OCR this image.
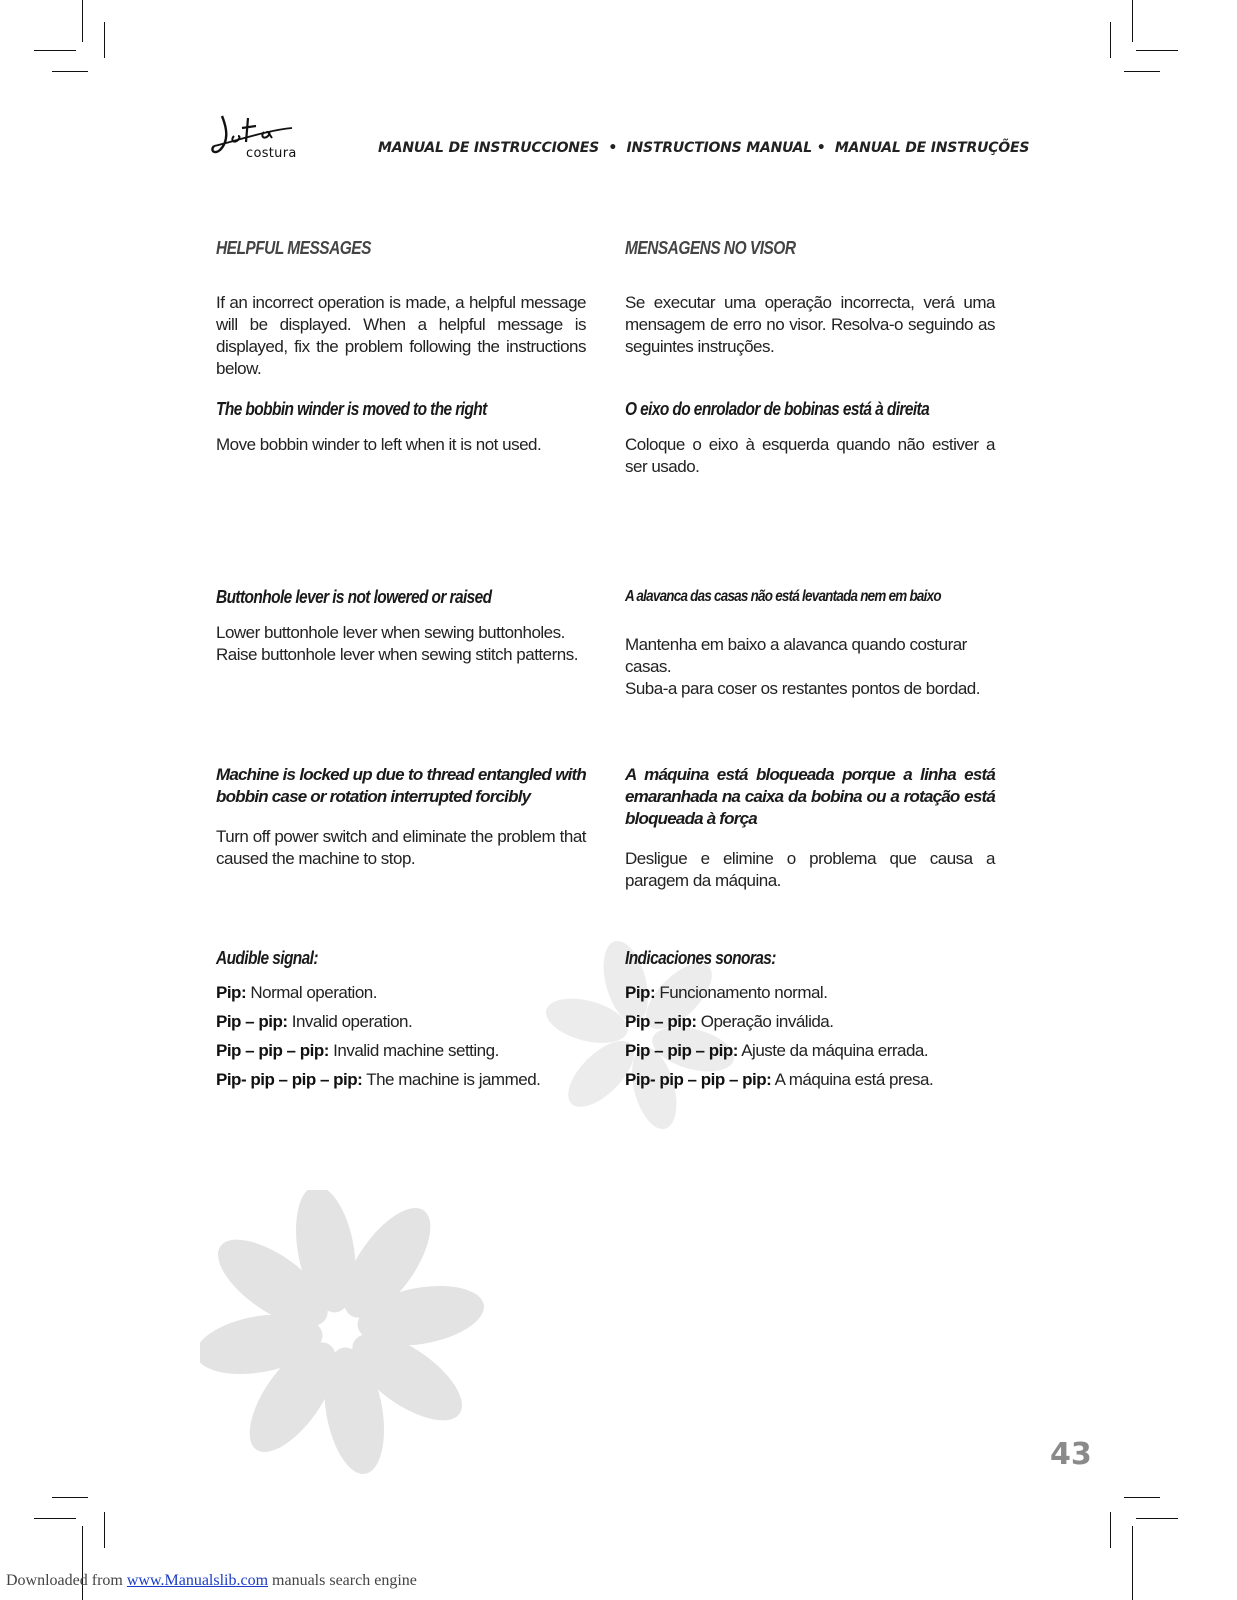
costura	MANUAL DE INSTRUCCIONES • INSTRUCTIONS MANUAL • MANUAL DE INSTRUÇÕES
HELPFUL MESSAGES
If an incorrect operation is made, a helpful message will be displayed. When a helpful message is displayed, fix the problem following the instructions below.
The bobbin winder is moved to the right
Move bobbin winder to left when it is not used.
Buttonhole lever is not lowered or raised
Lower buttonhole lever when sewing buttonholes.
Raise buttonhole lever when sewing stitch patterns.
Machine is locked up due to thread entangled with bobbin case or rotation interrupted forcibly
Turn off power switch and eliminate the problem that caused the machine to stop.
Audible signal:
Pip: Normal operation.
Pip – pip: Invalid operation.
Pip – pip – pip: Invalid machine setting.
Pip- pip – pip – pip: The machine is jammed.
MENSAGENS NO VISOR
Se executar uma operação incorrecta, verá uma mensagem de erro no visor. Resolva-o seguindo as seguintes instruções.
O eixo do enrolador de bobinas está à direita
Coloque o eixo à esquerda quando não estiver a ser usado.
A alavanca das casas não está levantada nem em baixo
Mantenha em baixo a alavanca quando costurar casas.
Suba-a para coser os restantes pontos de bordad.
A máquina está bloqueada porque a linha está emaranhada na caixa da bobina ou a rotação está bloqueada à força
Desligue e elimine o problema que causa a paragem da máquina.
Indicaciones sonoras:
Pip: Funcionamento normal.
Pip – pip: Operação inválida.
Pip – pip – pip: Ajuste da máquina errada.
Pip- pip – pip – pip: A máquina está presa.
43
Downloaded from www.Manualslib.com manuals search engine
